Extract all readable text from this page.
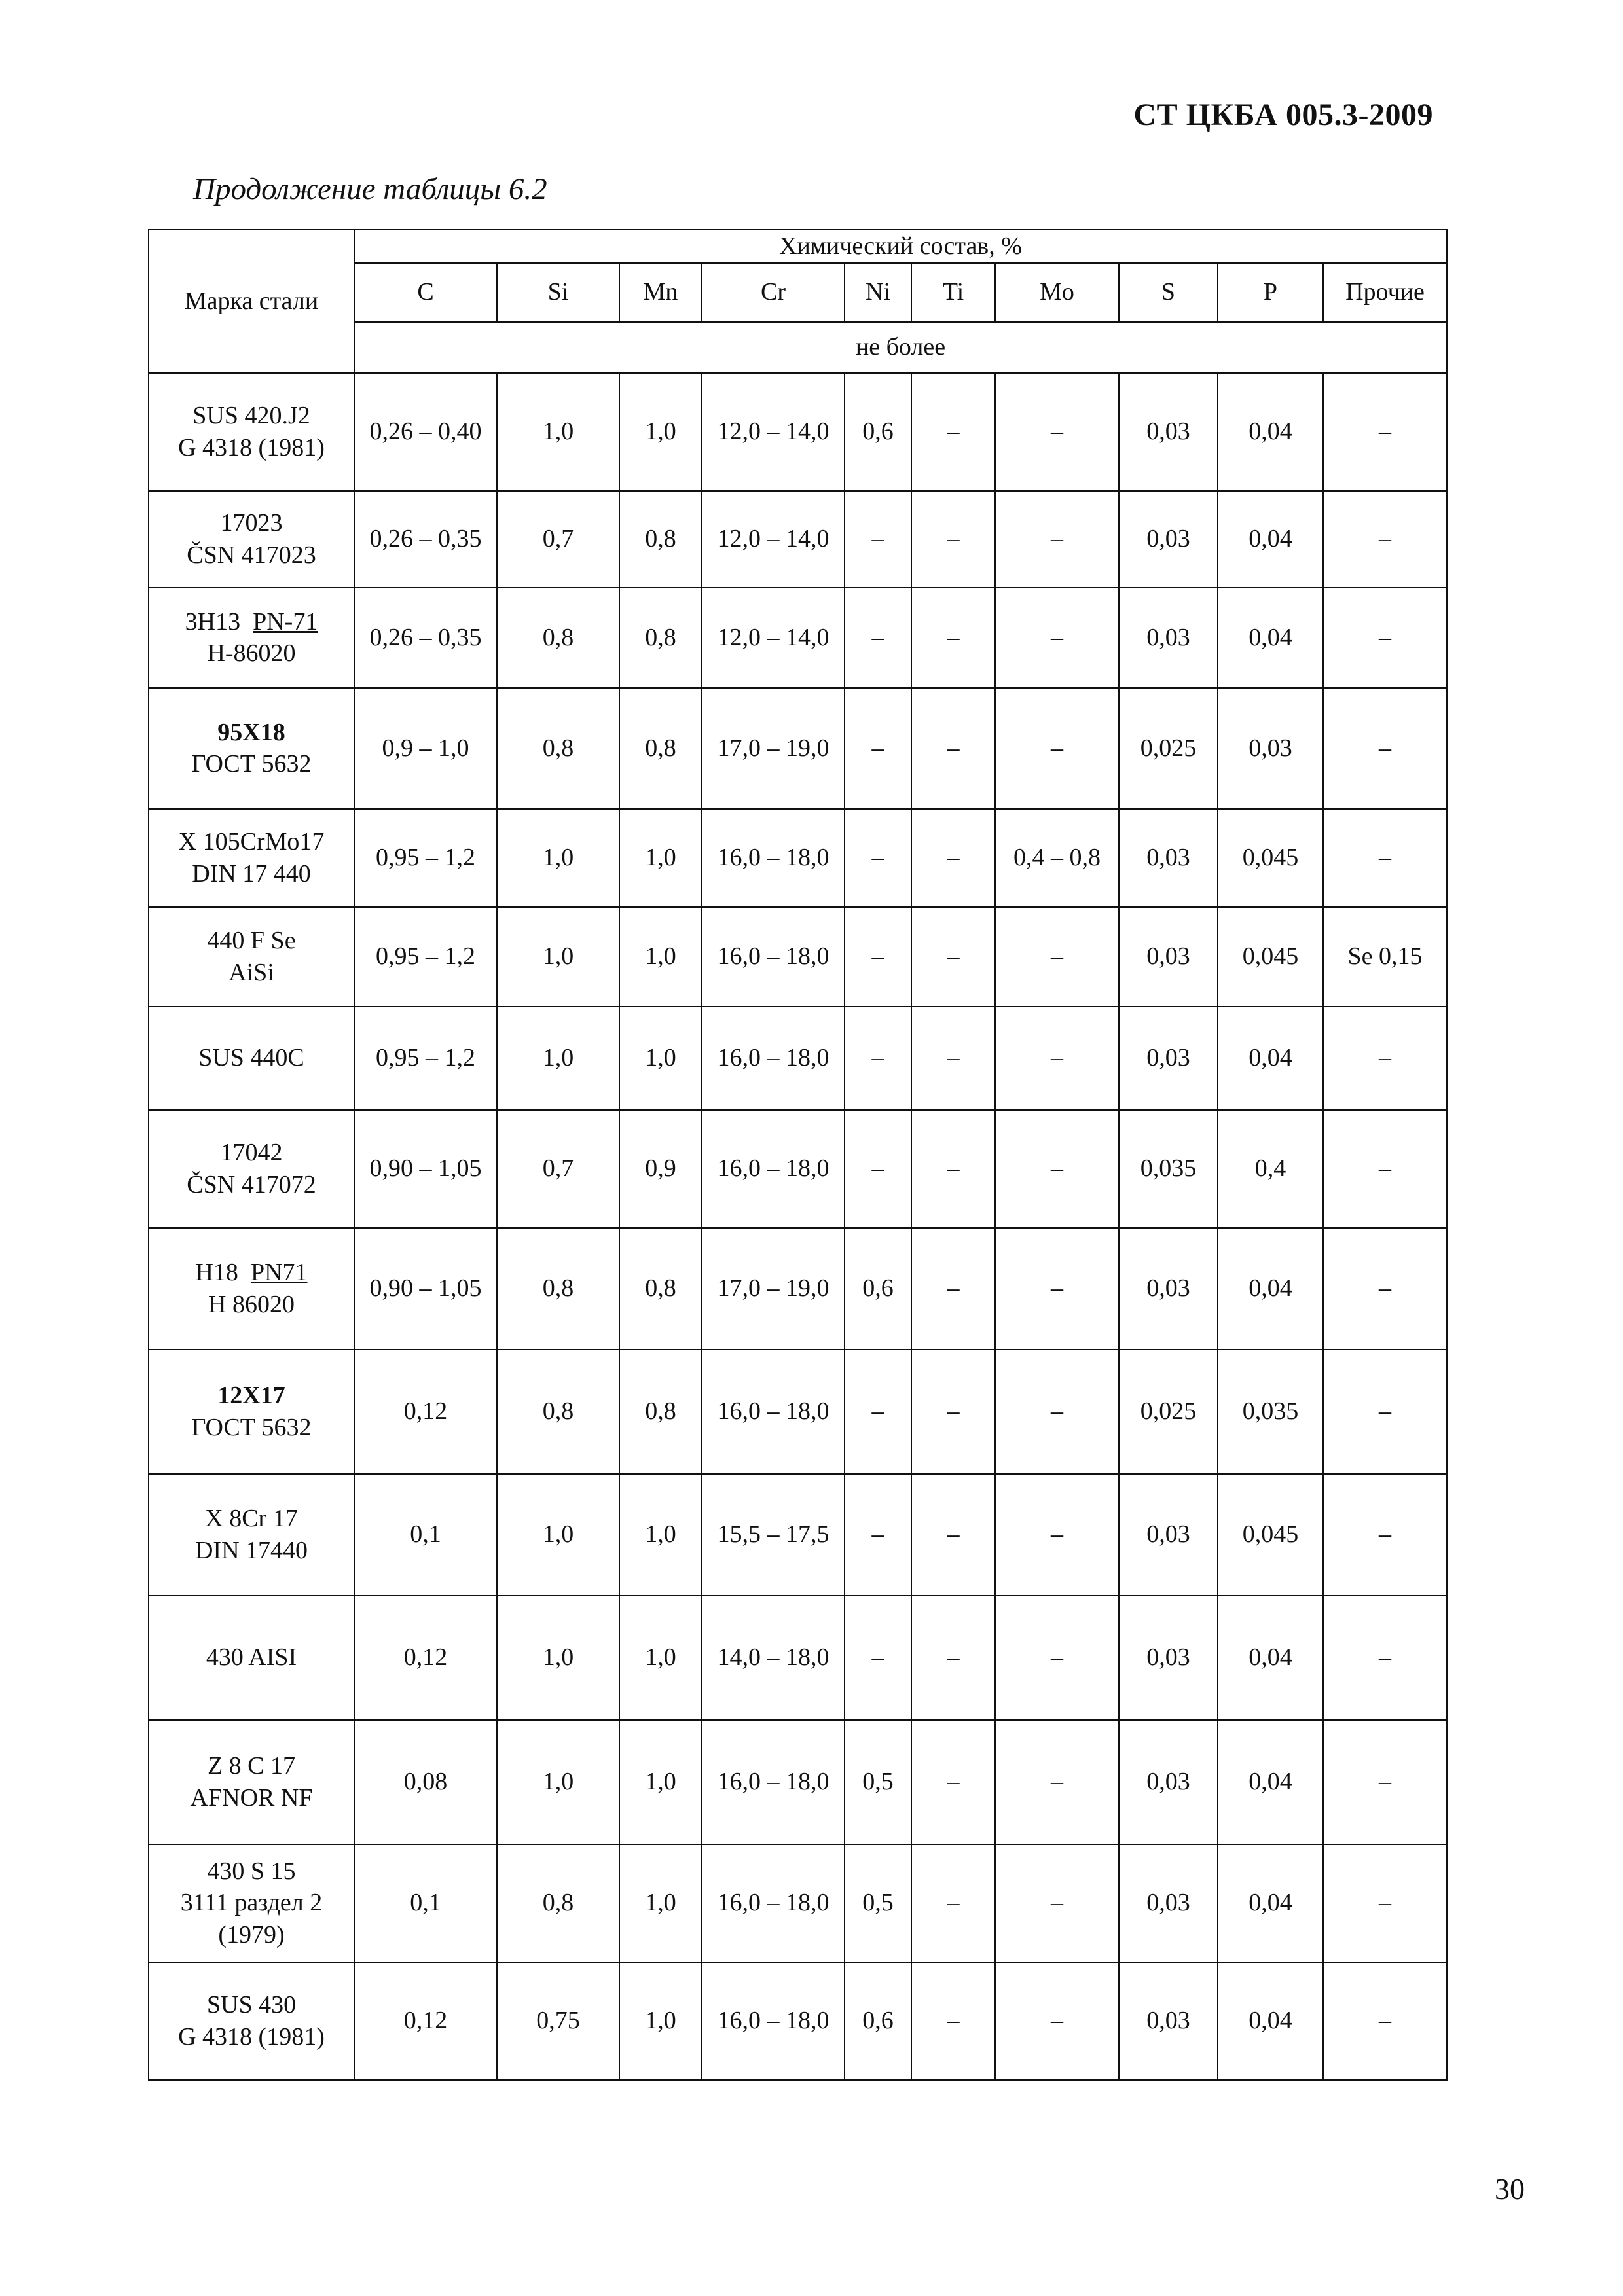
СТ ЦКБА 005.3-2009
Продолжение таблицы 6.2
Марка стали	Химический состав, %									
	C	Si	Mn	Cr	Ni	Ti	Mo	S	P	Прочие
	не более									

SUS 420.J2
G 4318 (1981)	0,26 – 0,40	1,0	1,0	12,0 – 14,0	0,6	–	–	0,03	0,04	–

17023
ČSN 417023	0,26 – 0,35	0,7	0,8	12,0 – 14,0	–	–	–	0,03	0,04	–

3H13 PN-71
H-86020	0,26 – 0,35	0,8	0,8	12,0 – 14,0	–	–	–	0,03	0,04	–

95Х18
ГОСТ 5632	0,9 – 1,0	0,8	0,8	17,0 – 19,0	–	–	–	0,025	0,03	–

X 105CrMo17
DIN 17 440	0,95 – 1,2	1,0	1,0	16,0 – 18,0	–	–	0,4 – 0,8	0,03	0,045	–

440 F Se
AiSi	0,95 – 1,2	1,0	1,0	16,0 – 18,0	–	–	–	0,03	0,045	Se 0,15

SUS 440C	0,95 – 1,2	1,0	1,0	16,0 – 18,0	–	–	–	0,03	0,04	–

17042
ČSN 417072	0,90 – 1,05	0,7	0,9	16,0 – 18,0	–	–	–	0,035	0,4	–

H18 PN71
H 86020	0,90 – 1,05	0,8	0,8	17,0 – 19,0	0,6	–	–	0,03	0,04	–

12Х17
ГОСТ 5632	0,12	0,8	0,8	16,0 – 18,0	–	–	–	0,025	0,035	–

X 8Cr 17
DIN 17440	0,1	1,0	1,0	15,5 – 17,5	–	–	–	0,03	0,045	–

430 AISI	0,12	1,0	1,0	14,0 – 18,0	–	–	–	0,03	0,04	–

Z 8 C 17
AFNOR NF	0,08	1,0	1,0	16,0 – 18,0	0,5	–	–	0,03	0,04	–

430 S 15
3111 раздел 2
(1979)	0,1	0,8	1,0	16,0 – 18,0	0,5	–	–	0,03	0,04	–

SUS 430
G 4318 (1981)	0,12	0,75	1,0	16,0 – 18,0	0,6	–	–	0,03	0,04	–
30
